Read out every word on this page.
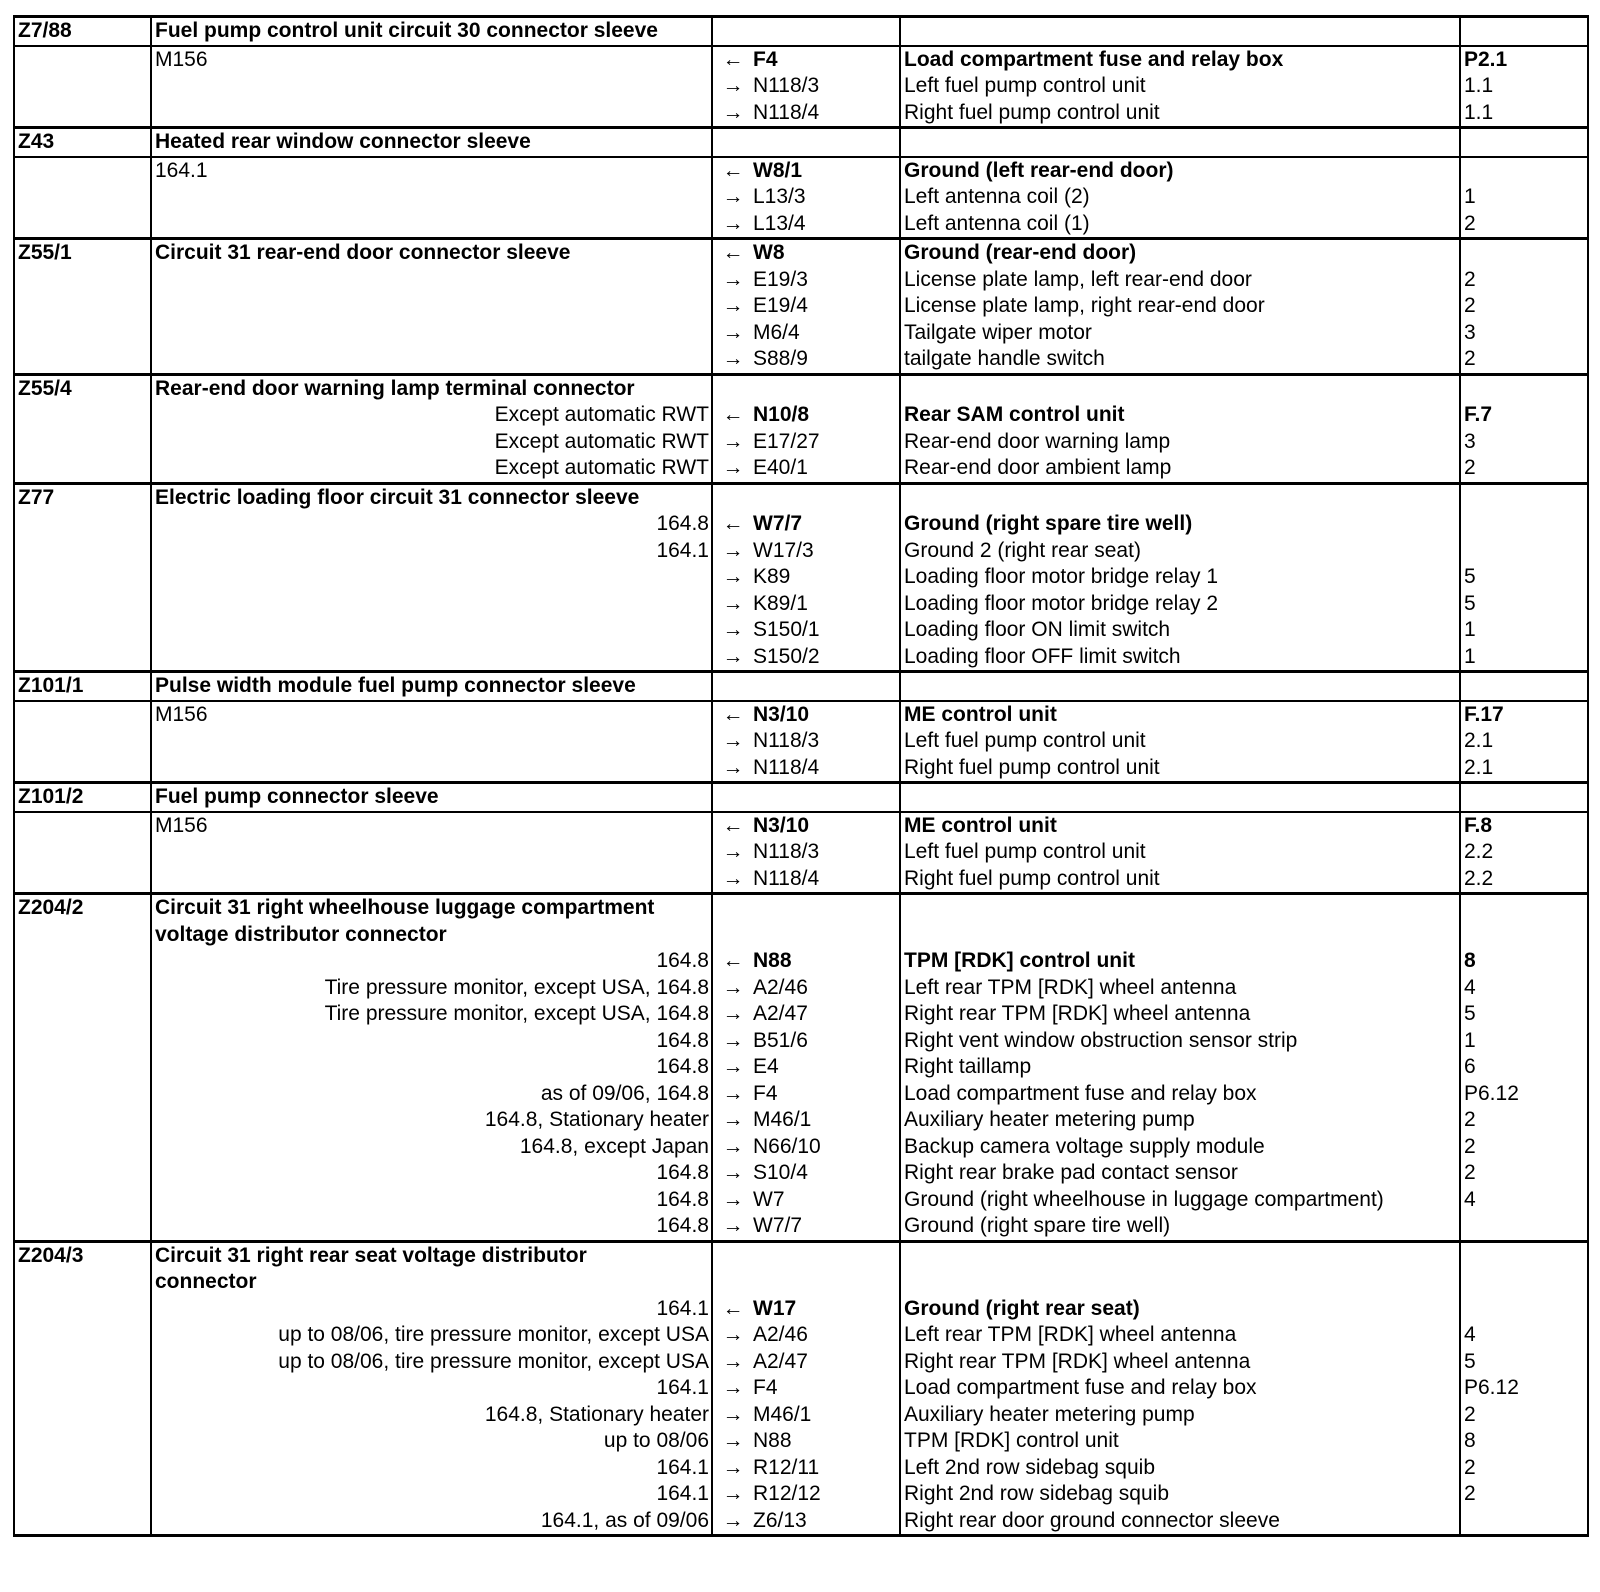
Z7/88	Fuel pump control unit circuit 30 connector sleeve				
	M156	←	F4	Load compartment fuse and relay box	P2.1
		→	N118/3	Left fuel pump control unit	1.1
		→	N118/4	Right fuel pump control unit	1.1
Z43	Heated rear window connector sleeve				
	164.1	←	W8/1	Ground (left rear-end door)	
		→	L13/3	Left antenna coil (2)	1
		→	L13/4	Left antenna coil (1)	2
Z55/1	Circuit 31 rear-end door connector sleeve	←	W8	Ground (rear-end door)	
		→	E19/3	License plate lamp, left rear-end door	2
		→	E19/4	License plate lamp, right rear-end door	2
		→	M6/4	Tailgate wiper motor	3
		→	S88/9	tailgate handle switch	2
Z55/4	Rear-end door warning lamp terminal connector				
	Except automatic RWT	←	N10/8	Rear SAM control unit	F.7
	Except automatic RWT	→	E17/27	Rear-end door warning lamp	3
	Except automatic RWT	→	E40/1	Rear-end door ambient lamp	2
Z77	Electric loading floor circuit 31 connector sleeve				
	164.8	←	W7/7	Ground (right spare tire well)	
	164.1	→	W17/3	Ground 2 (right rear seat)	
		→	K89	Loading floor motor bridge relay 1	5
		→	K89/1	Loading floor motor bridge relay 2	5
		→	S150/1	Loading floor ON limit switch	1
		→	S150/2	Loading floor OFF limit switch	1
Z101/1	Pulse width module fuel pump connector sleeve				
	M156	←	N3/10	ME control unit	F.17
		→	N118/3	Left fuel pump control unit	2.1
		→	N118/4	Right fuel pump control unit	2.1
Z101/2	Fuel pump connector sleeve				
	M156	←	N3/10	ME control unit	F.8
		→	N118/3	Left fuel pump control unit	2.2
		→	N118/4	Right fuel pump control unit	2.2
Z204/2	Circuit 31 right wheelhouse luggage compartment				
	voltage distributor connector				
	164.8	←	N88	TPM [RDK] control unit	8
	Tire pressure monitor, except USA, 164.8	→	A2/46	Left rear TPM [RDK] wheel antenna	4
	Tire pressure monitor, except USA, 164.8	→	A2/47	Right rear TPM [RDK] wheel antenna	5
	164.8	→	B51/6	Right vent window obstruction sensor strip	1
	164.8	→	E4	Right taillamp	6
	as of 09/06, 164.8	→	F4	Load compartment fuse and relay box	P6.12
	164.8, Stationary heater	→	M46/1	Auxiliary heater metering pump	2
	164.8, except Japan	→	N66/10	Backup camera voltage supply module	2
	164.8	→	S10/4	Right rear brake pad contact sensor	2
	164.8	→	W7	Ground (right wheelhouse in luggage compartment)	4
	164.8	→	W7/7	Ground (right spare tire well)	
Z204/3	Circuit 31 right rear seat voltage distributor				
	connector				
	164.1	←	W17	Ground (right rear seat)	
	up to 08/06, tire pressure monitor, except USA	→	A2/46	Left rear TPM [RDK] wheel antenna	4
	up to 08/06, tire pressure monitor, except USA	→	A2/47	Right rear TPM [RDK] wheel antenna	5
	164.1	→	F4	Load compartment fuse and relay box	P6.12
	164.8, Stationary heater	→	M46/1	Auxiliary heater metering pump	2
	up to 08/06	→	N88	TPM [RDK] control unit	8
	164.1	→	R12/11	Left 2nd row sidebag squib	2
	164.1	→	R12/12	Right 2nd row sidebag squib	2
	164.1, as of 09/06	→	Z6/13	Right rear door ground connector sleeve	
